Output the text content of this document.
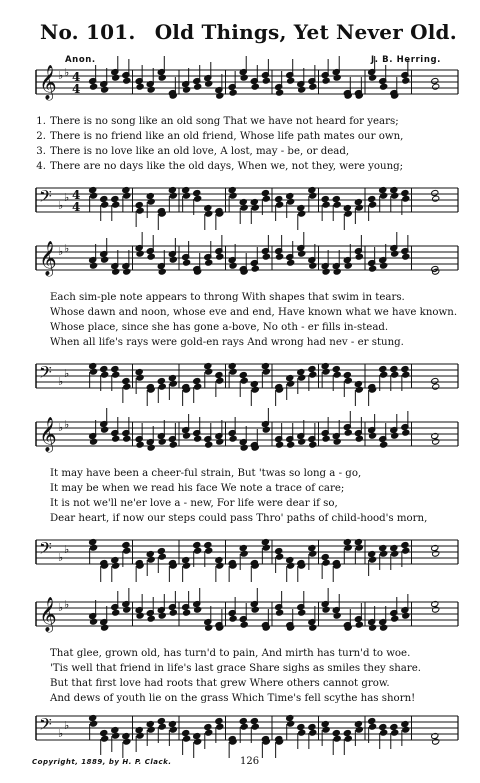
No. 101. Old Things, Yet Never Old.
Anon.	J. B. Herring.
𝄞 ♭ ♭ 4
4
1. There is no song like an old song That we have not heard for years;
2. There is no friend like an old friend, Whose life path mates our own,
3. There is no love like an old love, A lost, may - be, or dead,
4. There are no days like the old days, When we, not they, were young;
𝄢 ♭
♭ 4
4
𝄞 ♭ ♭
Each sim-ple note appears to throng With shapes that swim in tears.
Whose dawn and noon, whose eve and end, Have known what we have known.
Whose place, since she has gone a-bove, No oth - er fills in-stead.
When all life's rays were gold-en rays And wrong had nev - er stung.
𝄢 ♭
♭
𝄞 ♭ ♭
It may have been a cheer-ful strain, But 'twas so long a - go,
It may be when we read his face We note a trace of care;
It is not we'll ne'er love a - new, For life were dear if so,
Dear heart, if now our steps could pass Thro' paths of child-hood's morn,
𝄢 ♭
♭
𝄞 ♭ ♭
That glee, grown old, has turn'd to pain, And mirth has turn'd to woe.
'Tis well that friend in life's last grace Share sighs as smiles they share.
But that first love had roots that grew Where others cannot grow.
And dews of youth lie on the grass Which Time's fell scythe has shorn!
𝄢 ♭
♭
Copyright, 1889, by H. P. Clack.	126
